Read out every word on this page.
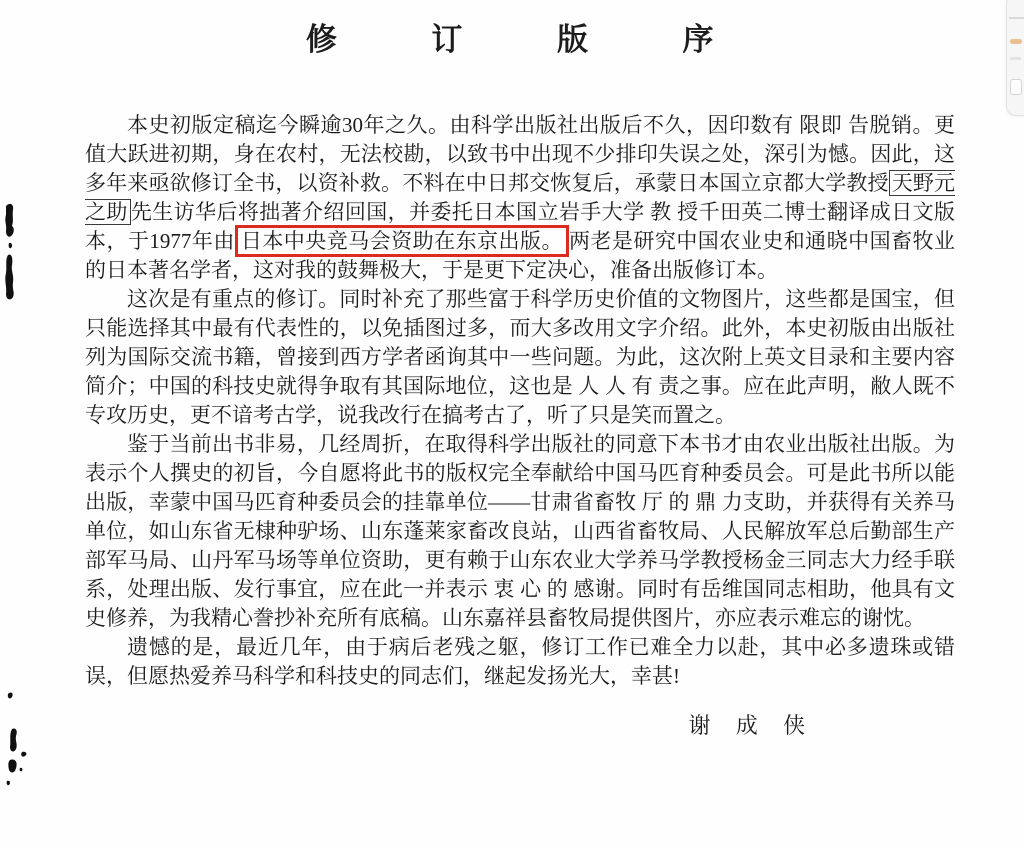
修  订  版  序

本史初版定稿迄今瞬逾30年之久。由科学出版社出版后不久，因印数有 限即 告脱销。更值大跃进初期，身在农村，无法校勘，以致书中出现不少排印失误之处，深引为憾。因此，这多年来亟欲修订全书，以资补救。不料在中日邦交恢复后，承蒙日本国立京都大学教授 天野元之助 先生访华后将拙著介绍回国，并委托日本国立岩手大学 教 授千田英二博士翻译成日文版本，于1977年由 日本中央竞马会资助在东京出版。 两老是研究中国农业史和通晓中国畜牧业的日本著名学者，这对我的鼓舞极大，于是更下定决心，准备出版修订本。

这次是有重点的修订。同时补充了那些富于科学历史价值的文物图片，这些都是国宝，但只能选择其中最有代表性的，以免插图过多，而大多改用文字介绍。此外，本史初版由出版社列为国际交流书籍，曾接到西方学者函询其中一些问题。为此，这次附上英文目录和主要内容简介；中国的科技史就得争取有其国际地位，这也是 人 人 有 责之事。应在此声明，敝人既不专攻历史，更不谙考古学，说我改行在搞考古了，听了只是笑而置之。

鉴于当前出书非易，几经周折，在取得科学出版社的同意下本书才由农业出版社出版。为表示个人撰史的初旨，今自愿将此书的版权完全奉献给中国马匹育种委员会。可是此书所以能出版，幸蒙中国马匹育种委员会的挂靠单位——甘肃省畜牧 厅 的 鼎 力支助，并获得有关养马单位，如山东省无棣种驴场、山东蓬莱家畜改良站，山西省畜牧局、人民解放军总后勤部生产部军马局、山丹军马场等单位资助，更有赖于山东农业大学养马学教授杨金三同志大力经手联系，处理出版、发行事宜，应在此一并表示 衷 心 的 感谢。同时有岳维国同志相助，他具有文史修养，为我精心誊抄补充所有底稿。山东嘉祥县畜牧局提供图片，亦应表示难忘的谢忱。

遗憾的是，最近几年，由于病后老残之躯，修订工作已难全力以赴，其中必多遗珠或错误，但愿热爱养马科学和科技史的同志们，继起发扬光大，幸甚!

谢 成 侠
